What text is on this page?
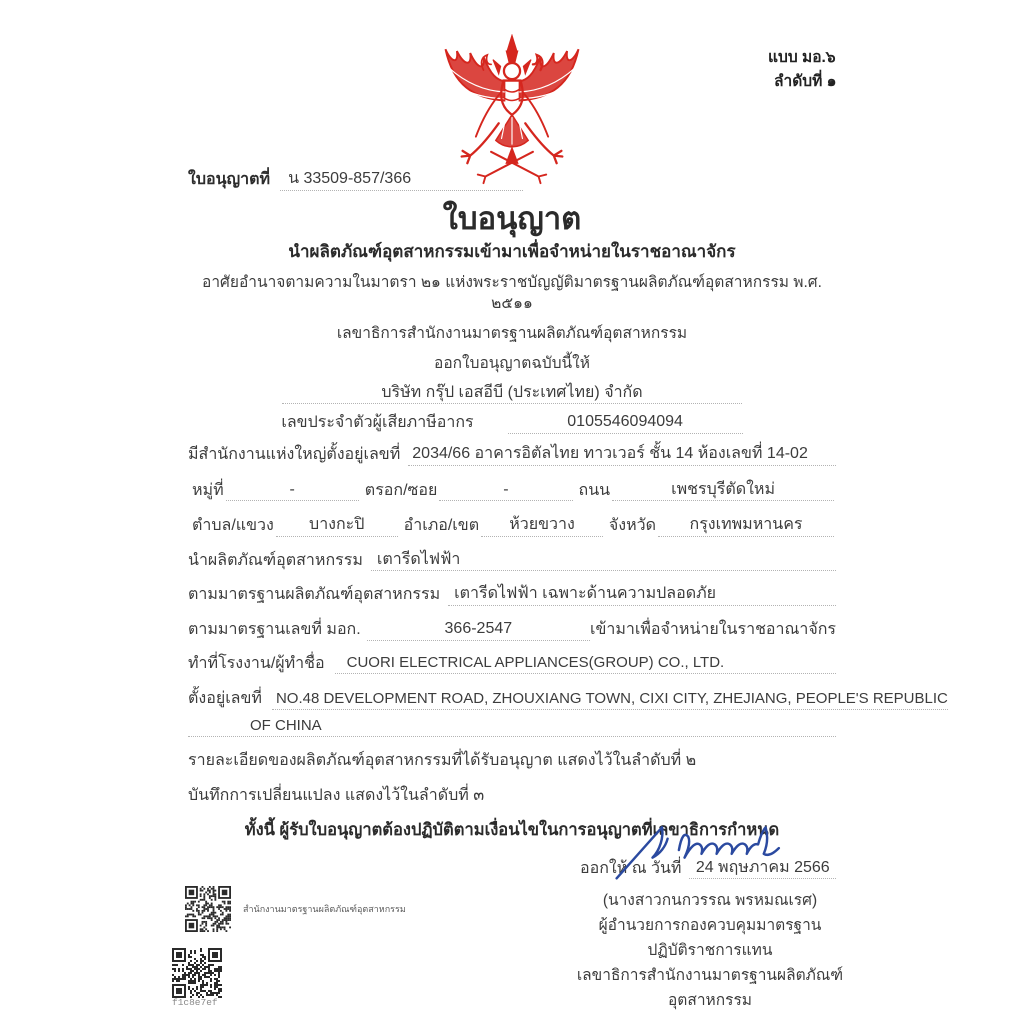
แบบ มอ.๖
ลำดับที่ ๑
ใบอนุญาตที่	น 33509-857/366
ใบอนุญาต
นำผลิตภัณฑ์อุตสาหกรรมเข้ามาเพื่อจำหน่ายในราชอาณาจักร
อาศัยอำนาจตามความในมาตรา ๒๑ แห่งพระราชบัญญัติมาตรฐานผลิตภัณฑ์อุตสาหกรรม พ.ศ. ๒๕๑๑
เลขาธิการสำนักงานมาตรฐานผลิตภัณฑ์อุตสาหกรรม
ออกใบอนุญาตฉบับนี้ให้
บริษัท กรุ๊ป เอสอีบี (ประเทศไทย) จำกัด
เลขประจำตัวผู้เสียภาษีอากร	0105546094094
มีสำนักงานแห่งใหญ่ตั้งอยู่เลขที่ 2034/66 อาคารอิตัลไทย ทาวเวอร์ ชั้น 14 ห้องเลขที่ 14-02
หมู่ที่	-	ตรอก/ซอย	-	ถนน	เพชรบุรีตัดใหม่
ตำบล/แขวง	บางกะปิ	อำเภอ/เขต	ห้วยขวาง	จังหวัด	กรุงเทพมหานคร
นำผลิตภัณฑ์อุตสาหกรรม เตารีดไฟฟ้า
ตามมาตรฐานผลิตภัณฑ์อุตสาหกรรม เตารีดไฟฟ้า เฉพาะด้านความปลอดภัย
ตามมาตรฐานเลขที่ มอก.	366-2547	เข้ามาเพื่อจำหน่ายในราชอาณาจักร
ทำที่โรงงาน/ผู้ทำชื่อ	CUORI ELECTRICAL APPLIANCES(GROUP) CO., LTD.
ตั้งอยู่เลขที่ NO.48 DEVELOPMENT ROAD, ZHOUXIANG TOWN, CIXI CITY, ZHEJIANG, PEOPLE'S REPUBLIC
OF CHINA
รายละเอียดของผลิตภัณฑ์อุตสาหกรรมที่ได้รับอนุญาต แสดงไว้ในลำดับที่ ๒
บันทึกการเปลี่ยนแปลง แสดงไว้ในลำดับที่ ๓
ทั้งนี้ ผู้รับใบอนุญาตต้องปฏิบัติตามเงื่อนไขในการอนุญาตที่เลขาธิการกำหนด
ออกให้ ณ วันที่ 24 พฤษภาคม 2566
(นางสาวกนกวรรณ พรหมณเรศ)
ผู้อำนวยการกองควบคุมมาตรฐาน
ปฏิบัติราชการแทน
เลขาธิการสำนักงานมาตรฐานผลิตภัณฑ์อุตสาหกรรม
สำนักงานมาตรฐานผลิตภัณฑ์อุตสาหกรรม
f1c8e7ef
